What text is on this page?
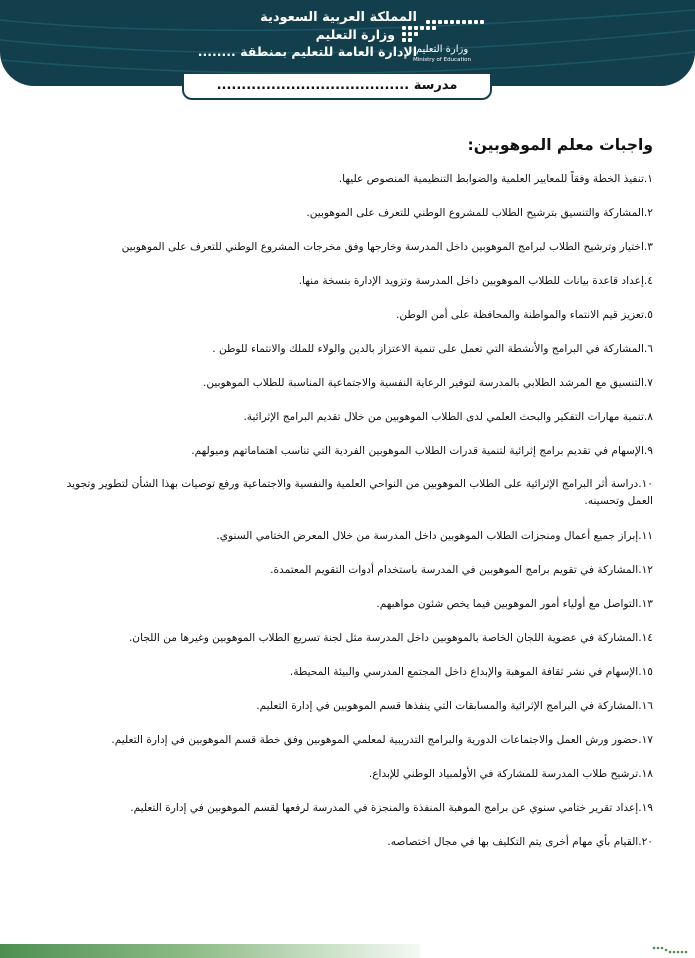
المملكة العربية السعودية
وزارة التعليم
الإدارة العامة للتعليم بمنطقة ........
وزارة التعليم
Ministry of Education
مدرسة .......................................
واجبات معلم الموهوبين:
١.تنفيذ الخطة وفقاً للمعايير العلمية والضوابط التنظيمية المنصوص عليها.
٢.المشاركة والتنسيق بترشيح الطلاب للمشروع الوطني للتعرف على الموهوبين.
٣.اختيار وترشيح الطلاب لبرامج الموهوبين داخل المدرسة وخارجها وفق مخرجات المشروع الوطني للتعرف على الموهوبين
٤.إعداد قاعدة بيانات للطلاب الموهوبين داخل المدرسة وتزويد الإدارة بنسخة منها.
٥.تعزيز قيم الانتماء والمواطنة والمحافظة على أمن الوطن.
٦.المشاركة في البرامج والأنشطة التي تعمل على تنمية الاعتزاز بالدين والولاء للملك والانتماء للوطن .
٧.التنسيق مع المرشد الطلابي بالمدرسة لتوفير الرعاية النفسية والاجتماعية المناسبة للطلاب الموهوبين.
٨.تنمية مهارات التفكير والبحث العلمي لدى الطلاب الموهوبين من خلال تقديم البرامج الإثرائية.
٩.الإسهام في تقديم برامج إثرائية لتنمية قدرات الطلاب الموهوبين الفردية التي تناسب اهتماماتهم وميولهم.
١٠.دراسة أثر البرامج الإثرائية على الطلاب الموهوبين من النواحي العلمية والنفسية والاجتماعية ورفع توصيات بهذا الشأن لتطوير وتجويد العمل وتحسينه.
١١.إبراز جميع أعمال ومنجزات الطلاب الموهوبين داخل المدرسة من خلال المعرض الختامي السنوي.
١٢.المشاركة في تقويم برامج الموهوبين في المدرسة باستخدام أدوات التقويم المعتمدة.
١٣.التواصل مع أولياء أمور الموهوبين فيما يخص شئون مواهبهم.
١٤.المشاركة في عضوية اللجان الخاصة بالموهوبين داخل المدرسة مثل لجنة تسريع الطلاب الموهوبين وغيرها من اللجان.
١٥.الإسهام في نشر ثقافة الموهبة والإبداع داخل المجتمع المدرسي والبيئة المحيطة.
١٦.المشاركة في البرامج الإثرائية والمسابقات التي ينفذها قسم الموهوبين في إدارة التعليم.
١٧.حضور ورش العمل والاجتماعات الدورية والبرامج التدريبية لمعلمي الموهوبين وفق خطة قسم الموهوبين في إدارة التعليم.
١٨.ترشيح طلاب المدرسة للمشاركة في الأولمبياد الوطني للإبداع.
١٩.إعداد تقرير ختامي سنوي عن برامج الموهبة المنفذة والمنجزة في المدرسة لرفعها لقسم الموهوبين في إدارة التعليم.
٢٠.القيام بأي مهام أخرى يتم التكليف بها في مجال اختصاصه.
